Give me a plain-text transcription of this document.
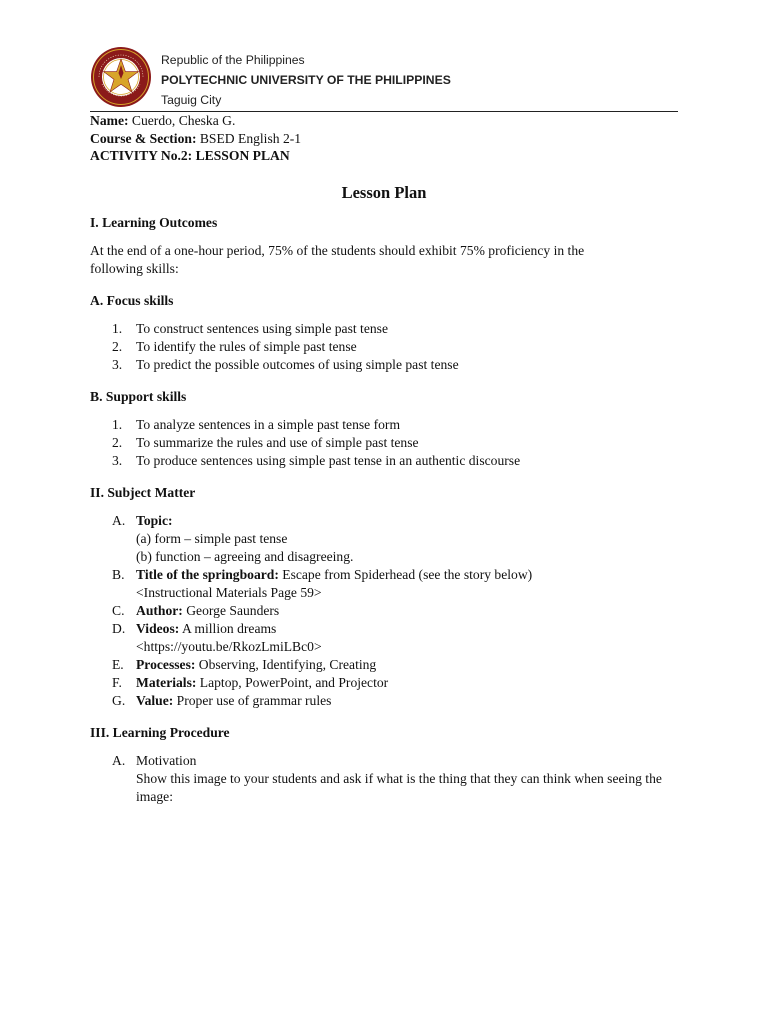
Republic of the Philippines
POLYTECHNIC UNIVERSITY OF THE PHILIPPINES
Taguig City
Name: Cuerdo, Cheska G.
Course & Section: BSED English 2-1
ACTIVITY No.2: LESSON PLAN
Lesson Plan
I. Learning Outcomes

At the end of a one-hour period, 75% of the students should exhibit 75% proficiency in the
following skills:

A. Focus skills
1. To construct sentences using simple past tense
2. To identify the rules of simple past tense
3. To predict the possible outcomes of using simple past tense
B. Support skills
1. To analyze sentences in a simple past tense form
2. To summarize the rules and use of simple past tense
3. To produce sentences using simple past tense in an authentic discourse
II. Subject Matter
A. Topic:
(a) form – simple past tense
(b) function – agreeing and disagreeing.
B. Title of the springboard: Escape from Spiderhead (see the story below)
<Instructional Materials Page 59>
C. Author: George Saunders
D. Videos: A million dreams
<https://youtu.be/RkozLmiLBc0>
E. Processes: Observing, Identifying, Creating
F. Materials: Laptop, PowerPoint, and Projector
G. Value: Proper use of grammar rules
III. Learning Procedure
A. Motivation
Show this image to your students and ask if what is the thing that they can think when seeing the
image:
